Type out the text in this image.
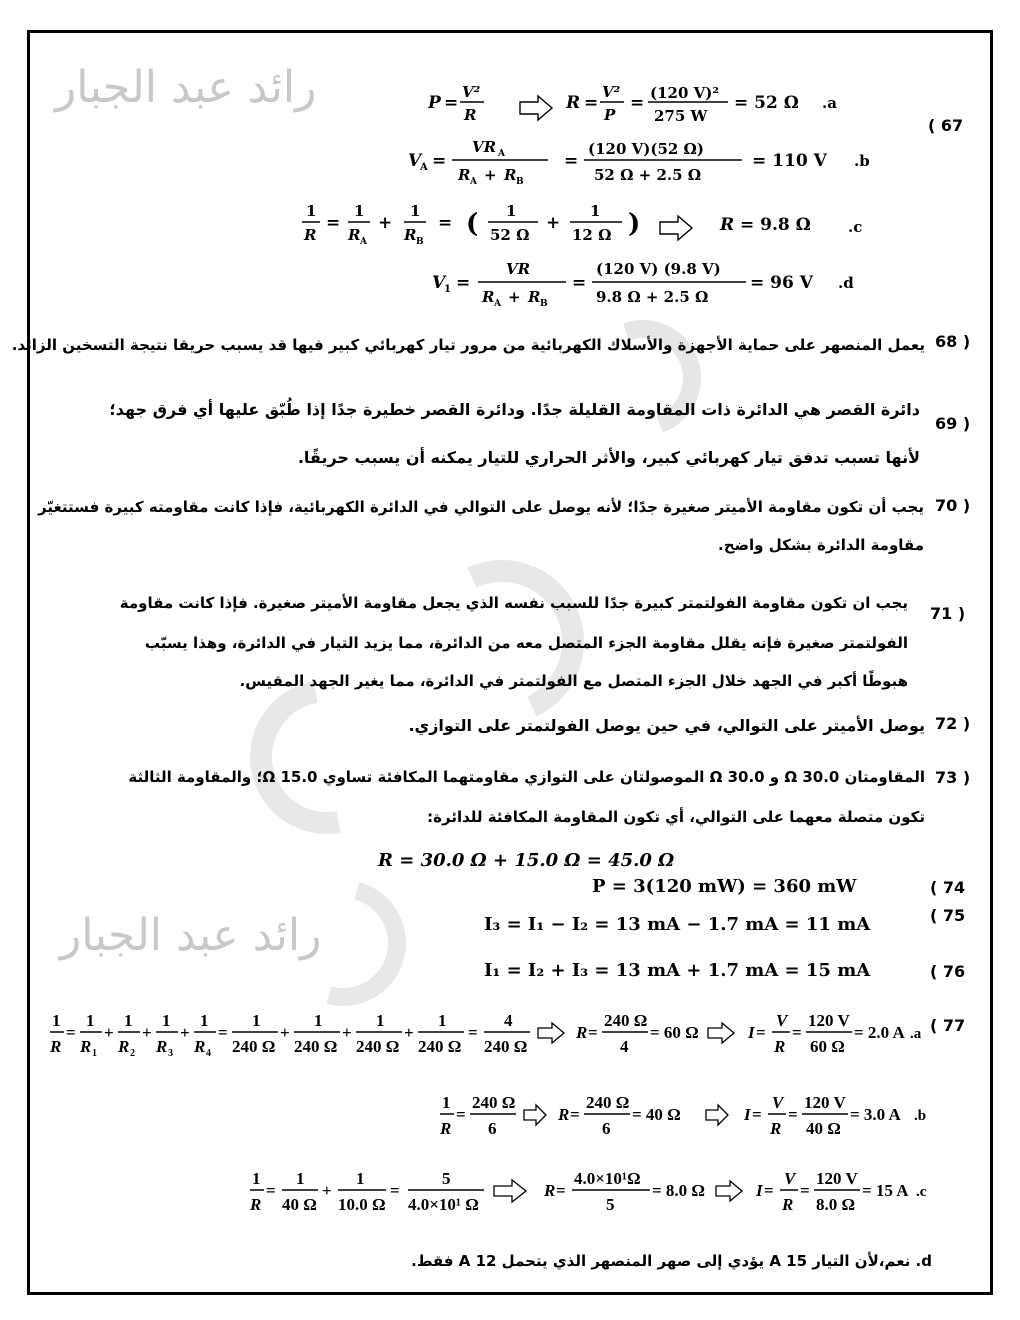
رائد عبد الجبار
رائد عبد الجبار
( 67
P =
V²
R
R =
V²
P
= (120 V)²
275 W
= 52 Ω .a
V
A =
VR A
R A + R B
=
(120 V)(52 Ω)
52 Ω + 2.5 Ω
= 110 V .b
1
R
=
1
R A
+
1
R B
= ( 1
52 Ω
+
1
12 Ω )	R = 9.8 Ω .c
V
1 =
VR
R A + R B
=
(120 V) (9.8 V)
9.8 Ω + 2.5 Ω
= 96 V .d
68 )
يعمل المنصهر على حماية الأجهزة والأسلاك الكهربائية من مرور تيار كهربائي كبير فيها قد يسبب حريقا نتيجة التسخين الزائد.
69 )
دائرة القصر هي الدائرة ذات المقاومة القليلة جدًا. ودائرة القصر خطيرة جدًا إذا طُبّق عليها أي فرق جهد؛
لأنها تسبب تدفق تيار كهربائي كبير، والأثر الحراري للتيار يمكنه أن يسبب حريقًا.
70 )
يجب أن تكون مقاومة الأميتر صغيرة جدًا؛ لأنه يوصل على التوالي في الدائرة الكهربائية، فإذا كانت مقاومته كبيرة فستتغيّر
مقاومة الدائرة بشكل واضح.
71 )
يجب ان تكون مقاومة الفولتمتر كبيرة جدًا للسبب نفسه الذي يجعل مقاومة الأميتر صغيرة. فإذا كانت مقاومة
الفولتمتر صغيرة فإنه يقلل مقاومة الجزء المتصل معه من الدائرة، مما يزيد التيار في الدائرة، وهذا يسبّب
هبوطًا أكبر في الجهد خلال الجزء المتصل مع الفولتمتر في الدائرة، مما يغير الجهد المقيس.
72 )
يوصل الأميتر على التوالي، في حين يوصل الفولتمتر على التوازي.
73 )
المقاومتان Ω 30.0 و Ω 30.0 الموصولتان على التوازي مقاومتهما المكافئة تساوي Ω 15.0؛ والمقاومة الثالثة
تكون متصلة معهما على التوالي، أي تكون المقاومة المكافئة للدائرة:
R = 30.0 Ω + 15.0 Ω = 45.0 Ω
( 74
P = 3(120 mW) = 360 mW
( 75
I₃ = I₁ − I₂ = 13 mA − 1.7 mA = 11 mA
( 76
I₁ = I₂ + I₃ = 13 mA + 1.7 mA = 15 mA
( 77
1
R
=
1
R 1
+
1
R 2
+
1
R 3
+
1
R 4
=
1
240 Ω
+
1
240 Ω
+
1
240 Ω
+
1
240 Ω
=
4
240 Ω
R =
240 Ω
4
= 60 Ω	I =
V
R
=
120 V
60 Ω
= 2.0 A .a
1
R
=
240 Ω
6
R =
240 Ω
6
= 40 Ω	I =
V
R
=
120 V
40 Ω
= 3.0 A .b
1
R
=
1
40 Ω
+
1
10.0 Ω
=
5
4.0×10¹ Ω
R =
4.0×10¹Ω
5
= 8.0 Ω	I =
V
R
=
120 V
8.0 Ω
= 15 A .c
d. نعم،لأن التيار A 15 يؤدي إلى صهر المنصهر الذي يتحمل A 12 فقط.
